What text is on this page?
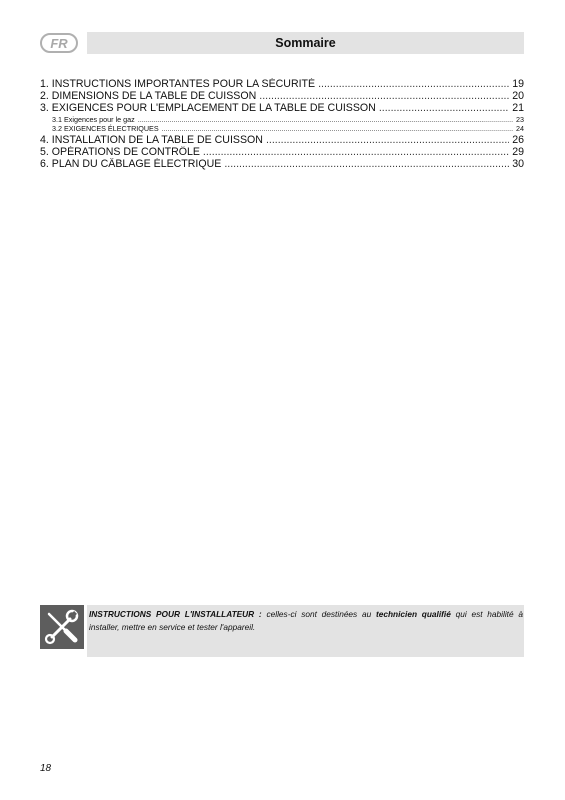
FR	Sommaire
1. INSTRUCTIONS IMPORTANTES POUR LA SÉCURITÉ .....	19
2. DIMENSIONS DE LA TABLE DE CUISSON .....	20
3. EXIGENCES POUR L'EMPLACEMENT DE LA TABLE DE CUISSON .....	21
3.1 Exigences pour le gaz .....	23
3.2 EXIGENCES ÉLECTRIQUES .....	24
4. INSTALLATION DE LA TABLE DE CUISSON .....	26
5. OPÉRATIONS DE CONTRÔLE .....	29
6. PLAN DU CÂBLAGE ÉLECTRIQUE .....	30
INSTRUCTIONS POUR L'INSTALLATEUR : celles-ci sont destinées au technicien qualifié qui est habilité à installer, mettre en service et tester l'appareil.
18
